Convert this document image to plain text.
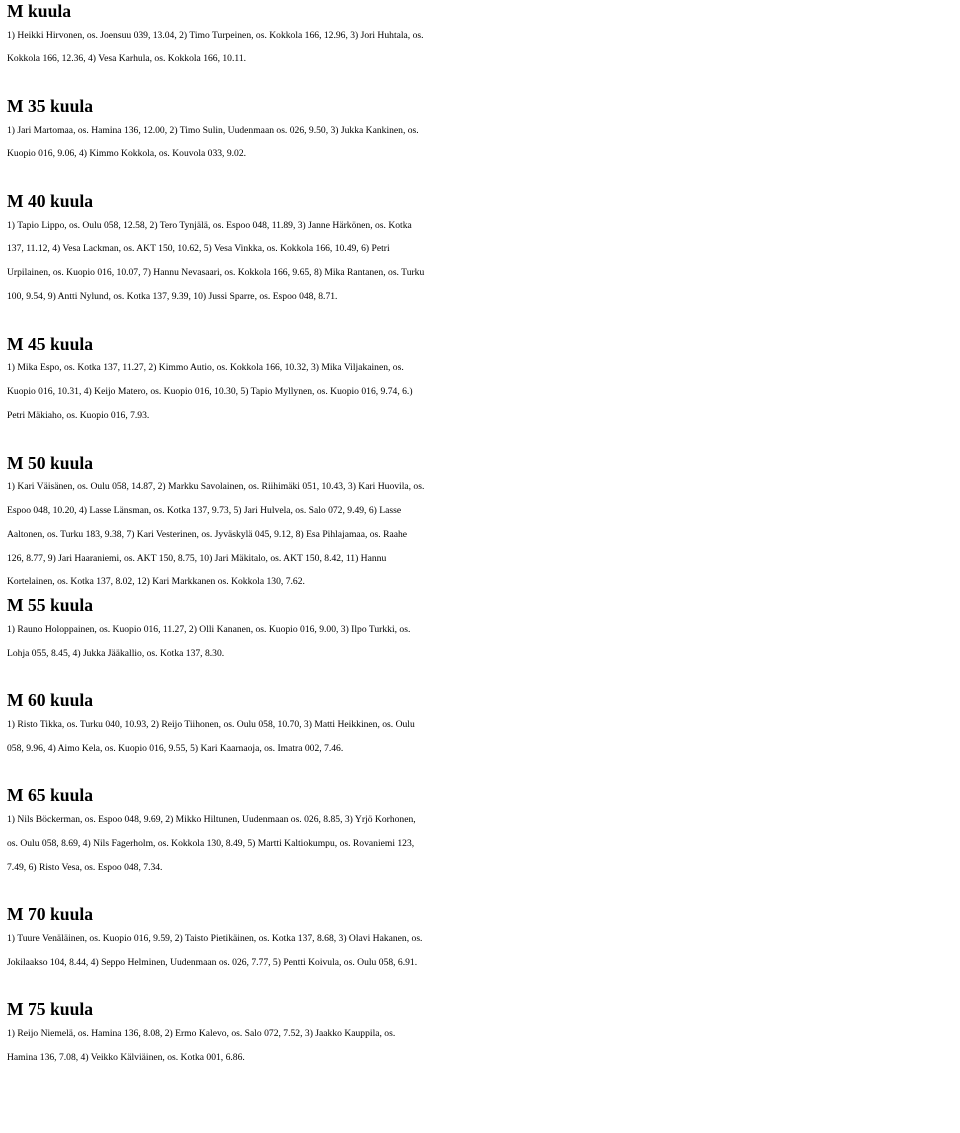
M kuula
1) Heikki Hirvonen, os. Joensuu 039, 13.04, 2) Timo Turpeinen, os. Kokkola 166, 12.96, 3) Jori Huhtala, os.
Kokkola 166, 12.36, 4) Vesa Karhula, os. Kokkola 166, 10.11.
M 35 kuula
1) Jari Martomaa, os. Hamina 136, 12.00, 2) Timo Sulin, Uudenmaan os. 026, 9.50, 3) Jukka Kankinen, os.
Kuopio 016, 9.06, 4) Kimmo Kokkola, os. Kouvola 033, 9.02.
M 40 kuula
1) Tapio Lippo, os. Oulu 058, 12.58, 2) Tero Tynjälä, os. Espoo 048, 11.89, 3) Janne Härkönen, os. Kotka
137, 11.12, 4) Vesa Lackman, os. AKT 150, 10.62, 5) Vesa Vinkka, os. Kokkola 166, 10.49, 6) Petri
Urpilainen, os. Kuopio 016, 10.07, 7) Hannu Nevasaari, os. Kokkola 166, 9.65, 8) Mika Rantanen, os. Turku
100, 9.54, 9) Antti Nylund, os. Kotka 137, 9.39, 10) Jussi Sparre, os. Espoo 048, 8.71.
M 45 kuula
1) Mika Espo, os. Kotka 137, 11.27, 2) Kimmo Autio, os. Kokkola 166, 10.32, 3) Mika Viljakainen, os.
Kuopio 016, 10.31, 4) Keijo Matero, os. Kuopio 016, 10.30, 5) Tapio Myllynen, os. Kuopio 016, 9.74, 6.)
Petri Mäkiaho, os. Kuopio 016, 7.93.
M 50 kuula
1) Kari Väisänen, os. Oulu 058, 14.87, 2) Markku Savolainen, os. Riihimäki 051, 10.43, 3) Kari Huovila, os.
Espoo 048, 10.20, 4) Lasse Länsman, os. Kotka 137, 9.73, 5) Jari Hulvela, os. Salo 072, 9.49, 6) Lasse
Aaltonen, os. Turku 183, 9.38, 7) Kari Vesterinen, os. Jyväskylä 045, 9.12, 8) Esa Pihlajamaa, os. Raahe
126, 8.77, 9) Jari Haaraniemi, os. AKT 150, 8.75, 10) Jari Mäkitalo, os. AKT 150, 8.42, 11) Hannu
Kortelainen, os. Kotka 137, 8.02, 12) Kari Markkanen os. Kokkola 130, 7.62.
M 55 kuula
1) Rauno Holoppainen, os. Kuopio 016, 11.27, 2) Olli Kananen, os. Kuopio 016, 9.00, 3) Ilpo Turkki, os.
Lohja 055, 8.45, 4) Jukka Jääkallio, os. Kotka 137, 8.30.
M 60 kuula
1) Risto Tikka, os. Turku 040, 10.93, 2) Reijo Tiihonen, os. Oulu 058, 10.70, 3) Matti Heikkinen, os. Oulu
058, 9.96, 4) Aimo Kela, os. Kuopio 016, 9.55, 5) Kari Kaarnaoja, os. Imatra 002, 7.46.
M 65 kuula
1) Nils Böckerman, os. Espoo 048, 9.69, 2) Mikko Hiltunen, Uudenmaan os. 026, 8.85, 3) Yrjö Korhonen,
os. Oulu 058, 8.69, 4) Nils Fagerholm, os. Kokkola 130, 8.49, 5) Martti Kaltiokumpu, os. Rovaniemi 123,
7.49, 6) Risto Vesa, os. Espoo 048, 7.34.
M 70 kuula
1) Tuure Venäläinen, os. Kuopio 016, 9.59, 2) Taisto Pietikäinen, os. Kotka 137, 8.68, 3) Olavi Hakanen, os.
Jokilaakso 104, 8.44, 4) Seppo Helminen, Uudenmaan os. 026, 7.77, 5) Pentti Koivula, os. Oulu 058, 6.91.
M 75 kuula
1) Reijo Niemelä, os. Hamina 136, 8.08, 2) Ermo Kalevo, os. Salo 072, 7.52, 3) Jaakko Kauppila, os.
Hamina 136, 7.08, 4) Veikko Kälviäinen, os. Kotka 001, 6.86.
